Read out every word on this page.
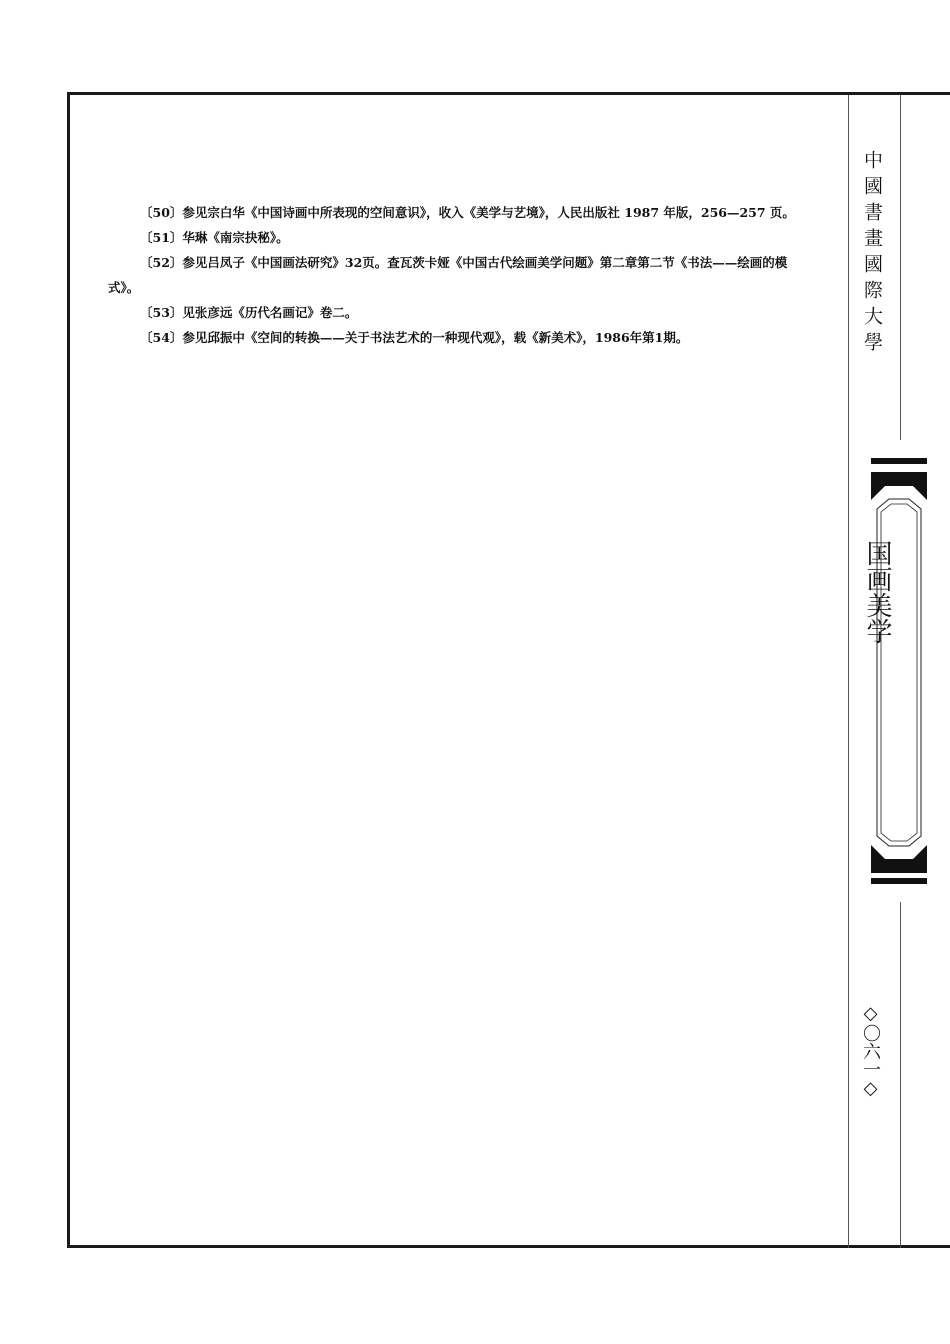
〔50〕参见宗白华《中国诗画中所表现的空间意识》，收入《美学与艺境》，人民出版社 1987 年版，256—257 页。

〔51〕华琳《南宗抉秘》。

〔52〕参见吕凤子《中国画法研究》32页。查瓦茨卡娅《中国古代绘画美学问题》第二章第二节《书法——绘画的模式》。

〔53〕见张彦远《历代名画记》卷二。

〔54〕参见邱振中《空间的转换——关于书法艺术的一种现代观》，载《新美术》，1986年第1期。	中國書畫國際大學
国画美学
◇〇六一◇
